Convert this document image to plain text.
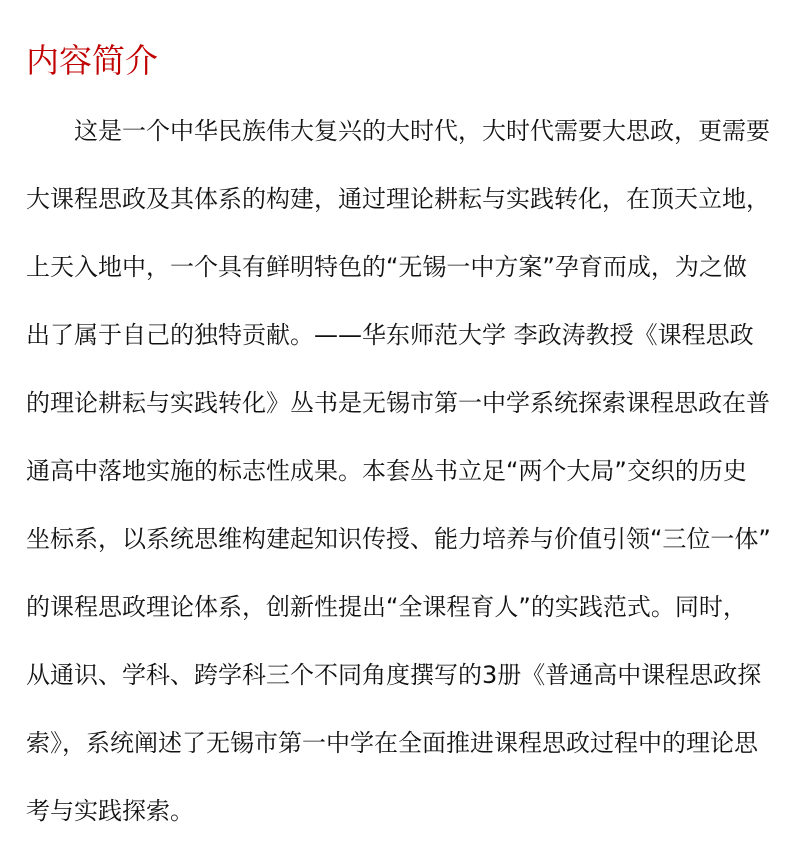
内容简介
这是一个中华民族伟大复兴的大时代，大时代需要大思政，更需要
大课程思政及其体系的构建，通过理论耕耘与实践转化，在顶天立地，
上天入地中，一个具有鲜明特色的“无锡一中方案”孕育而成，为之做
出了属于自己的独特贡献。——华东师范大学 李政涛教授《课程思政
的理论耕耘与实践转化》丛书是无锡市第一中学系统探索课程思政在普
通高中落地实施的标志性成果。本套丛书立足“两个大局”交织的历史
坐标系，以系统思维构建起知识传授、能力培养与价值引领“三位一体”
的课程思政理论体系，创新性提出“全课程育人”的实践范式。同时，
从通识、学科、跨学科三个不同角度撰写的3册《普通高中课程思政探
索》，系统阐述了无锡市第一中学在全面推进课程思政过程中的理论思
考与实践探索。
